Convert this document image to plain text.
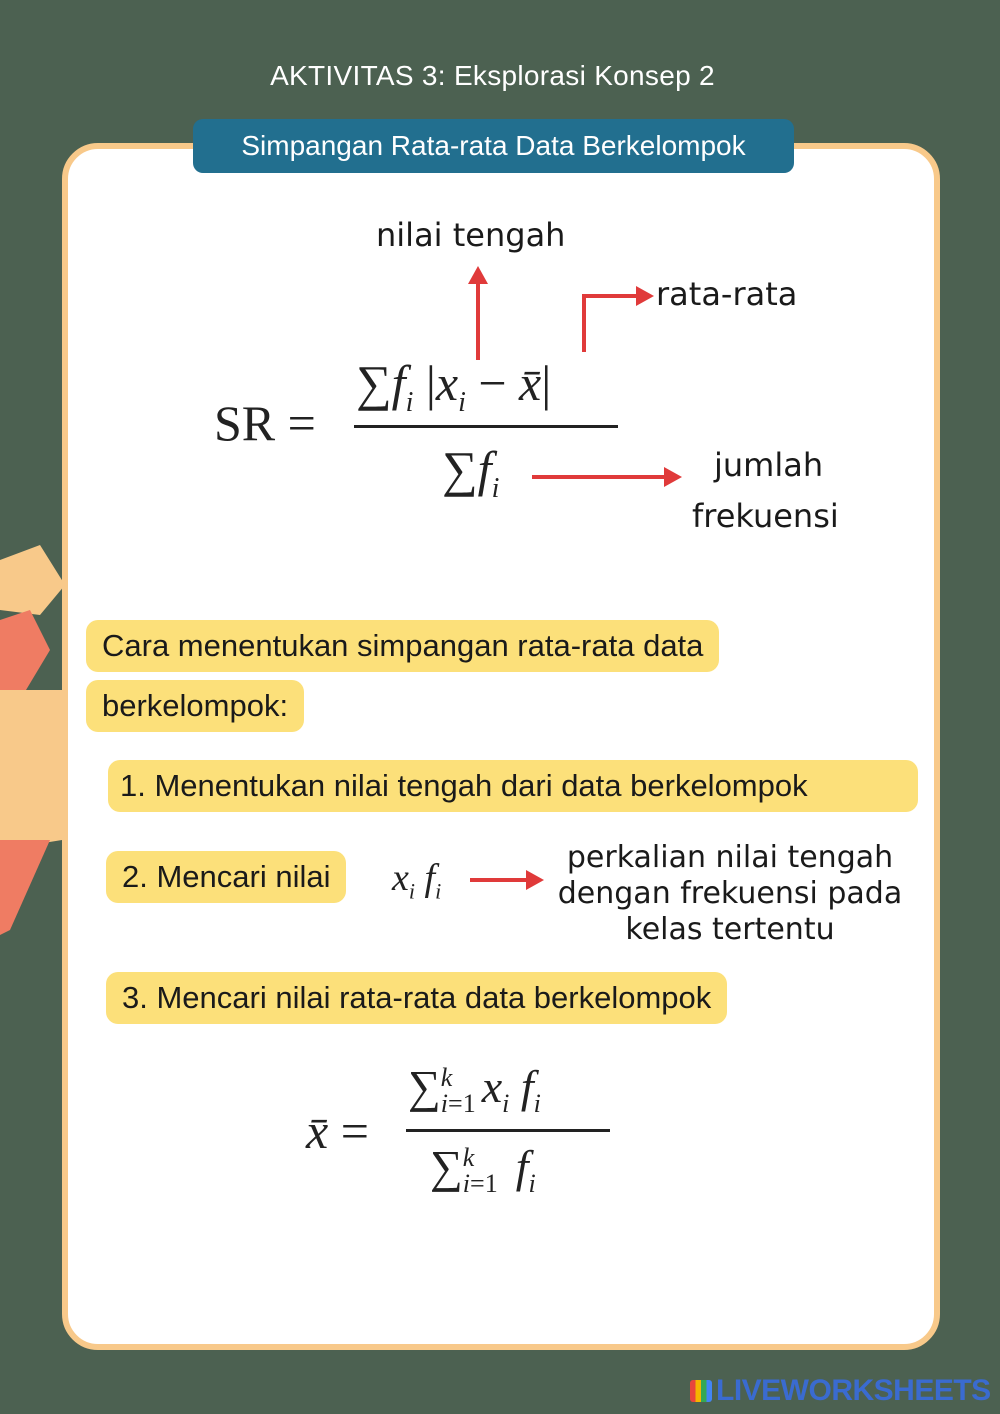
AKTIVITAS 3: Eksplorasi Konsep 2
Simpangan Rata-rata Data Berkelompok
nilai tengah
rata-rata
jumlah
frekuensi
SR =
$\sum f_i$ $|x_i$ − x̄|
$\sum f_i$
Cara menentukan simpangan rata-rata data
berkelompok:
1. Menentukan nilai tengah dari data berkelompok
2. Mencari nilai	$x_i$ $f_i$
perkalian nilai tengah
dengan frekuensi pada
kelas tertentu
3. Mencari nilai rata-rata data berkelompok
x̄ =
∑k
i=1 $x_i$ $f_i$
∑k
i=1 $f_i$
LIVEWORKSHEETS
